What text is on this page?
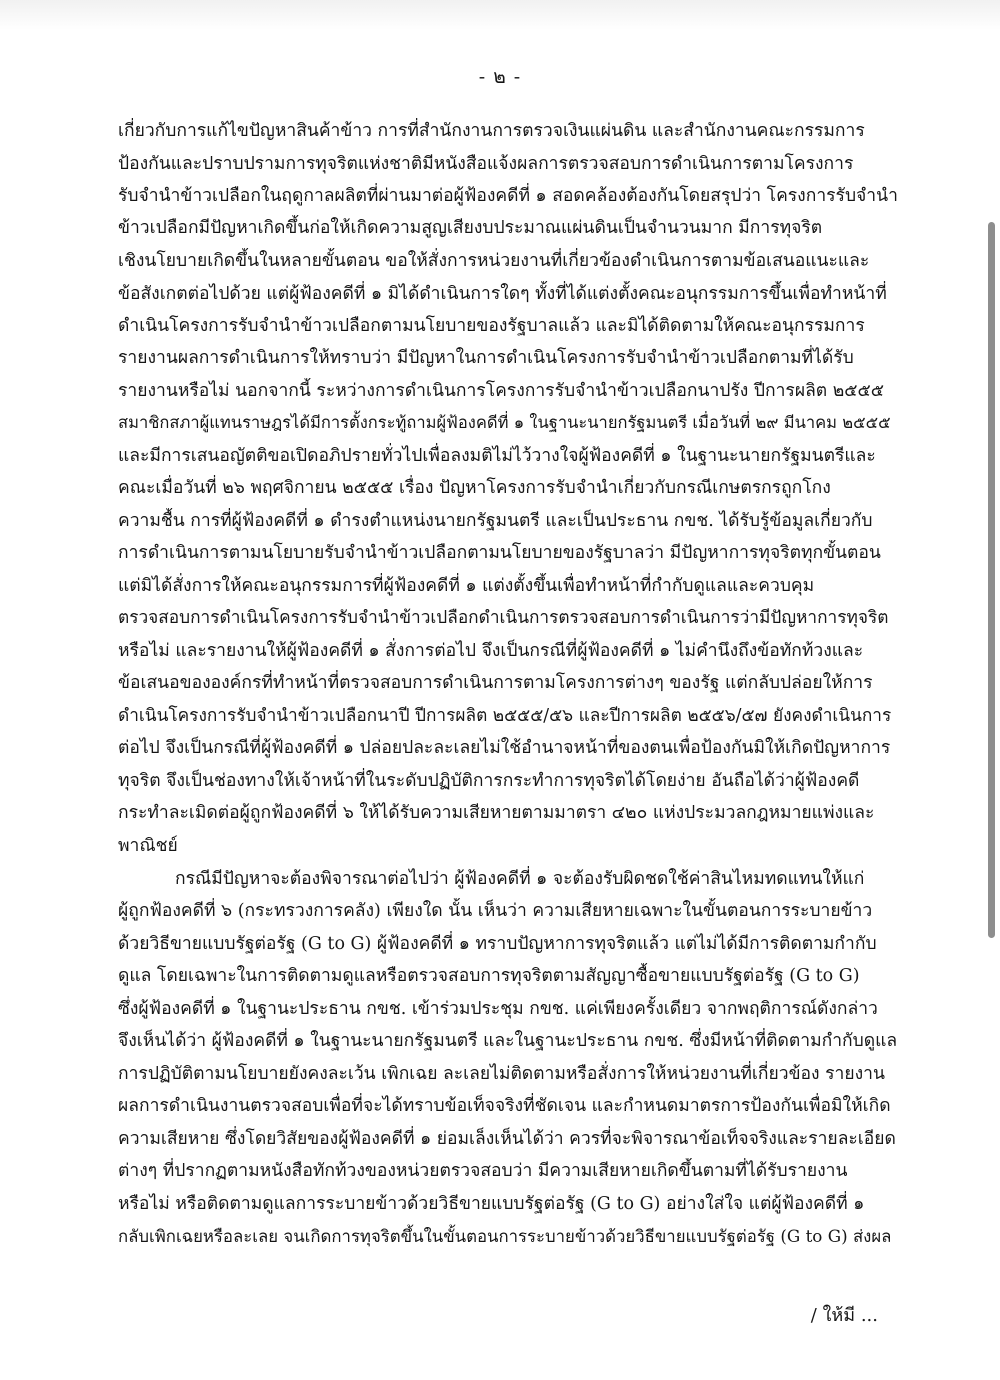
- ๒ -
เกี่ยวกับการแก้ไขปัญหาสินค้าข้าว การที่สำนักงานการตรวจเงินแผ่นดิน และสำนักงานคณะกรรมการ
ป้องกันและปราบปรามการทุจริตแห่งชาติมีหนังสือแจ้งผลการตรวจสอบการดำเนินการตามโครงการ
รับจำนำข้าวเปลือกในฤดูกาลผลิตที่ผ่านมาต่อผู้ฟ้องคดีที่ ๑ สอดคล้องต้องกันโดยสรุปว่า โครงการรับจำนำ
ข้าวเปลือกมีปัญหาเกิดขึ้นก่อให้เกิดความสูญเสียงบประมาณแผ่นดินเป็นจำนวนมาก มีการทุจริต
เชิงนโยบายเกิดขึ้นในหลายขั้นตอน ขอให้สั่งการหน่วยงานที่เกี่ยวข้องดำเนินการตามข้อเสนอแนะและ
ข้อสังเกตต่อไปด้วย แต่ผู้ฟ้องคดีที่ ๑ มิได้ดำเนินการใดๆ ทั้งที่ได้แต่งตั้งคณะอนุกรรมการขึ้นเพื่อทำหน้าที่
ดำเนินโครงการรับจำนำข้าวเปลือกตามนโยบายของรัฐบาลแล้ว และมิได้ติดตามให้คณะอนุกรรมการ
รายงานผลการดำเนินการให้ทราบว่า มีปัญหาในการดำเนินโครงการรับจำนำข้าวเปลือกตามที่ได้รับ
รายงานหรือไม่ นอกจากนี้ ระหว่างการดำเนินการโครงการรับจำนำข้าวเปลือกนาปรัง ปีการผลิต ๒๕๕๕
สมาชิกสภาผู้แทนราษฎรได้มีการตั้งกระทู้ถามผู้ฟ้องคดีที่ ๑ ในฐานะนายกรัฐมนตรี เมื่อวันที่ ๒๙ มีนาคม ๒๕๕๕
และมีการเสนอญัตติขอเปิดอภิปรายทั่วไปเพื่อลงมติไม่ไว้วางใจผู้ฟ้องคดีที่ ๑ ในฐานะนายกรัฐมนตรีและ
คณะเมื่อวันที่ ๒๖ พฤศจิกายน ๒๕๕๕ เรื่อง ปัญหาโครงการรับจำนำเกี่ยวกับกรณีเกษตรกรถูกโกง
ความชื้น การที่ผู้ฟ้องคดีที่ ๑ ดำรงตำแหน่งนายกรัฐมนตรี และเป็นประธาน กขช. ได้รับรู้ข้อมูลเกี่ยวกับ
การดำเนินการตามนโยบายรับจำนำข้าวเปลือกตามนโยบายของรัฐบาลว่า มีปัญหาการทุจริตทุกขั้นตอน
แต่มิได้สั่งการให้คณะอนุกรรมการที่ผู้ฟ้องคดีที่ ๑ แต่งตั้งขึ้นเพื่อทำหน้าที่กำกับดูแลและควบคุม
ตรวจสอบการดำเนินโครงการรับจำนำข้าวเปลือกดำเนินการตรวจสอบการดำเนินการว่ามีปัญหาการทุจริต
หรือไม่ และรายงานให้ผู้ฟ้องคดีที่ ๑ สั่งการต่อไป จึงเป็นกรณีที่ผู้ฟ้องคดีที่ ๑ ไม่คำนึงถึงข้อทักท้วงและ
ข้อเสนอขององค์กรที่ทำหน้าที่ตรวจสอบการดำเนินการตามโครงการต่างๆ ของรัฐ แต่กลับปล่อยให้การ
ดำเนินโครงการรับจำนำข้าวเปลือกนาปี ปีการผลิต ๒๕๕๕/๕๖ และปีการผลิต ๒๕๕๖/๕๗ ยังคงดำเนินการ
ต่อไป จึงเป็นกรณีที่ผู้ฟ้องคดีที่ ๑ ปล่อยปละละเลยไม่ใช้อำนาจหน้าที่ของตนเพื่อป้องกันมิให้เกิดปัญหาการ
ทุจริต จึงเป็นช่องทางให้เจ้าหน้าที่ในระดับปฏิบัติการกระทำการทุจริตได้โดยง่าย อันถือได้ว่าผู้ฟ้องคดี
กระทำละเมิดต่อผู้ถูกฟ้องคดีที่ ๖ ให้ได้รับความเสียหายตามมาตรา ๔๒๐ แห่งประมวลกฎหมายแพ่งและ
พาณิชย์
กรณีมีปัญหาจะต้องพิจารณาต่อไปว่า ผู้ฟ้องคดีที่ ๑ จะต้องรับผิดชดใช้ค่าสินไหมทดแทนให้แก่
ผู้ถูกฟ้องคดีที่ ๖ (กระทรวงการคลัง) เพียงใด นั้น เห็นว่า ความเสียหายเฉพาะในขั้นตอนการระบายข้าว
ด้วยวิธีขายแบบรัฐต่อรัฐ (G to G) ผู้ฟ้องคดีที่ ๑ ทราบปัญหาการทุจริตแล้ว แต่ไม่ได้มีการติดตามกำกับ
ดูแล โดยเฉพาะในการติดตามดูแลหรือตรวจสอบการทุจริตตามสัญญาซื้อขายแบบรัฐต่อรัฐ (G to G)
ซึ่งผู้ฟ้องคดีที่ ๑ ในฐานะประธาน กขช. เข้าร่วมประชุม กขช. แค่เพียงครั้งเดียว จากพฤติการณ์ดังกล่าว
จึงเห็นได้ว่า ผู้ฟ้องคดีที่ ๑ ในฐานะนายกรัฐมนตรี และในฐานะประธาน กขช. ซึ่งมีหน้าที่ติดตามกำกับดูแล
การปฏิบัติตามนโยบายยังคงละเว้น เพิกเฉย ละเลยไม่ติดตามหรือสั่งการให้หน่วยงานที่เกี่ยวข้อง รายงาน
ผลการดำเนินงานตรวจสอบเพื่อที่จะได้ทราบข้อเท็จจริงที่ชัดเจน และกำหนดมาตรการป้องกันเพื่อมิให้เกิด
ความเสียหาย ซึ่งโดยวิสัยของผู้ฟ้องคดีที่ ๑ ย่อมเล็งเห็นได้ว่า ควรที่จะพิจารณาข้อเท็จจริงและรายละเอียด
ต่างๆ ที่ปรากฏตามหนังสือทักท้วงของหน่วยตรวจสอบว่า มีความเสียหายเกิดขึ้นตามที่ได้รับรายงาน
หรือไม่ หรือติดตามดูแลการระบายข้าวด้วยวิธีขายแบบรัฐต่อรัฐ (G to G) อย่างใส่ใจ แต่ผู้ฟ้องคดีที่ ๑
กลับเพิกเฉยหรือละเลย จนเกิดการทุจริตขึ้นในขั้นตอนการระบายข้าวด้วยวิธีขายแบบรัฐต่อรัฐ (G to G) ส่งผล
/ ให้มี ...
